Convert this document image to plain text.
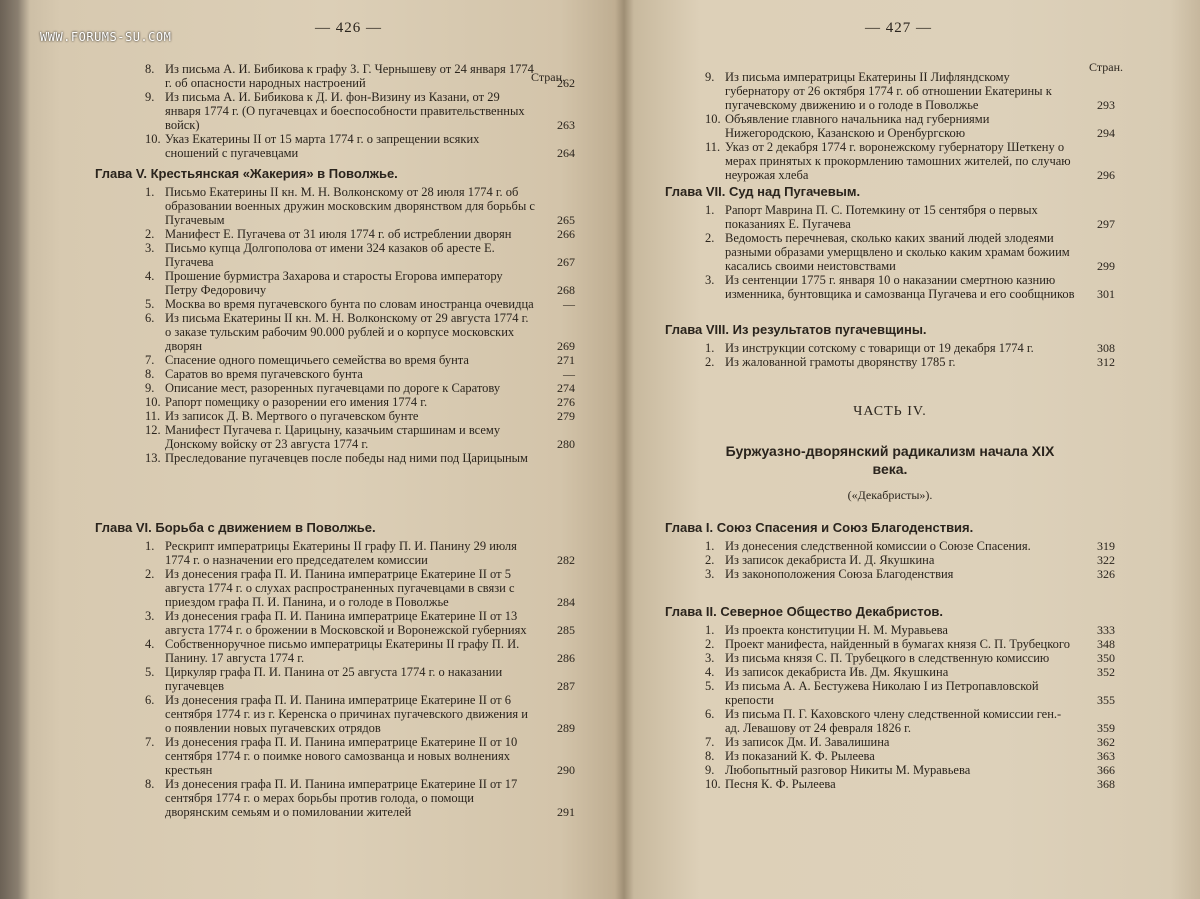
WWW.FORUMS-SU.COM
— 426 —
Стран.
8. Из письма А. И. Бибикова к графу З. Г. Чернышеву от 24 января 1774 г. об опасности народных настроений	262
9. Из письма А. И. Бибикова к Д. И. фон-Визину из Казани, от 29 января 1774 г. (О пугачевцах и боеспособности правительственных войск)	263
10. Указ Екатерины II от 15 марта 1774 г. о запрещении всяких сношений с пугачевцами	264
Глава V. Крестьянская «Жакерия» в Поволжье.
1. Письмо Екатерины II кн. М. Н. Волконскому от 28 июля 1774 г. об образовании военных дружин московским дворянством для борьбы с Пугачевым	265
2. Манифест Е. Пугачева от 31 июля 1774 г. об истреблении дворян	266
3. Письмо купца Долгополова от имени 324 казаков об аресте Е. Пугачева	267
4. Прошение бурмистра Захарова и старосты Егорова императору Петру Федоровичу	268
5. Москва во время пугачевского бунта по словам иностранца очевидца —
6. Из письма Екатерины II кн. М. Н. Волконскому от 29 августа 1774 г. о заказе тульским рабочим 90.000 рублей и о корпусе московских дворян	269
7. Спасение одного помещичьего семейства во время бунта	271
8. Саратов во время пугачевского бунта	—
9. Описание мест, разоренных пугачевцами по дороге к Саратову	274
10. Рапорт помещику о разорении его имения 1774 г.	276
11. Из записок Д. В. Мертвого о пугачевском бунте	279
12. Манифест Пугачева г. Царицыну, казачьим старшинам и всему Донскому войску от 23 августа 1774 г.	280
13. Преследование пугачевцев после победы над ними под Царицыным
Глава VI. Борьба с движением в Поволжье.
1. Рескрипт императрицы Екатерины II графу П. И. Панину 29 июля 1774 г. о назначении его председателем комиссии	282
2. Из донесения графа П. И. Панина императрице Екатерине II от 5 августа 1774 г. о слухах распространенных пугачевцами в связи с приездом графа П. И. Панина, и о голоде в Поволжье	284
3. Из донесения графа П. И. Панина императрице Екатерине II от 13 августа 1774 г. о брожении в Московской и Воронежской губерниях	285
4. Собственноручное письмо императрицы Екатерины II графу П. И. Панину. 17 августа 1774 г.	286
5. Циркуляр графа П. И. Панина от 25 августа 1774 г. о наказании пугачевцев	287
6. Из донесения графа П. И. Панина императрице Екатерине II от 6 сентября 1774 г. из г. Керенска о причинах пугачевского движения и о появлении новых пугачевских отрядов	289
7. Из донесения графа П. И. Панина императрице Екатерине II от 10 сентября 1774 г. о поимке нового самозванца и новых волнениях крестьян	290
8. Из донесения графа П. И. Панина императрице Екатерине II от 17 сентября 1774 г. о мерах борьбы против голода, о помощи дворянским семьям и о помиловании жителей	291
— 427 —
Стран.
9. Из письма императрицы Екатерины II Лифляндскому губернатору от 26 октября 1774 г. об отношении Екатерины к пугачевскому движению и о голоде в Поволжье	293
10. Объявление главного начальника над губерниями Нижегородскою, Казанскою и Оренбургскою	294
11. Указ от 2 декабря 1774 г. воронежскому губернатору Шеткену о мерах принятых к прокормлению тамошних жителей, по случаю неурожая хлеба	296
Глава VII. Суд над Пугачевым.
1. Рапорт Маврина П. С. Потемкину от 15 сентября о первых показаниях Е. Пугачева	297
2. Ведомость перечневая, сколько каких званий людей злодеями разными образами умерщвлено и сколько каким храмам божиим касались своими неистовствами	299
3. Из сентенции 1775 г. января 10 о наказании смертною казнию изменника, бунтовщика и самозванца Пугачева и его сообщников 301
Глава VIII. Из результатов пугачевщины.
1. Из инструкции сотскому с товарищи от 19 декабря 1774 г.	308
2. Из жалованной грамоты дворянству 1785 г.	312
ЧАСТЬ IV.
Буржуазно-дворянский радикализм начала XIX века.
(«Декабристы»).
Глава I. Союз Спасения и Союз Благоденствия.
1. Из донесения следственной комиссии о Союзе Спасения.	319
2. Из записок декабриста И. Д. Якушкина	322
3. Из законоположения Союза Благоденствия	326
Глава II. Северное Общество Декабристов.
1. Из проекта конституции Н. М. Муравьева	333
2. Проект манифеста, найденный в бумагах князя С. П. Трубецкого 348
3. Из письма князя С. П. Трубецкого в следственную комиссию	350
4. Из записок декабриста Ив. Дм. Якушкина	352
5. Из письма А. А. Бестужева Николаю I из Петропавловской крепости	355
6. Из письма П. Г. Каховского члену следственной комиссии ген.-ад. Левашову от 24 февраля 1826 г.	359
7. Из записок Дм. И. Завалишина	362
8. Из показаний К. Ф. Рылеева	363
9. Любопытный разговор Никиты М. Муравьева	366
10. Песня К. Ф. Рылеева	368
